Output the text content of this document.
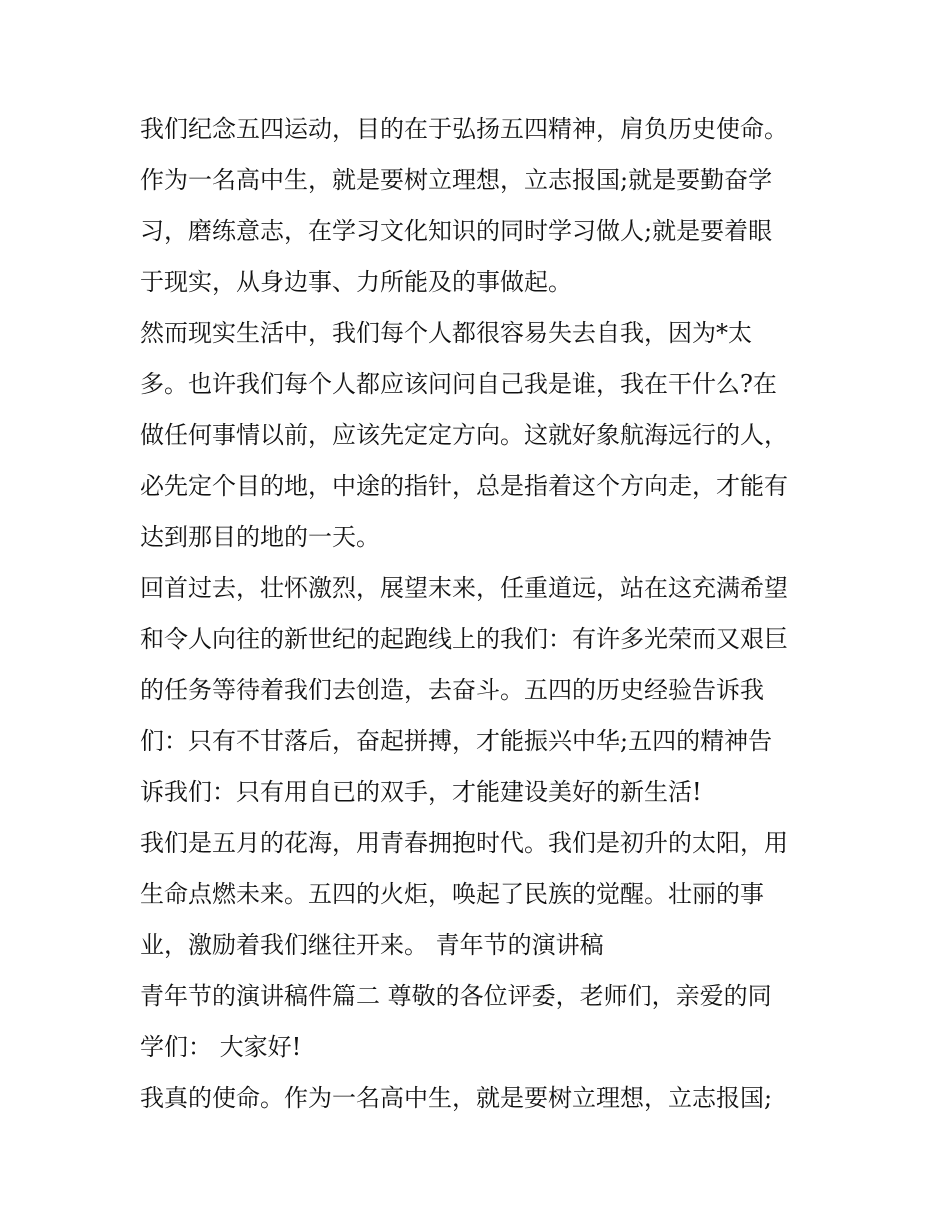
我们纪念五四运动，目的在于弘扬五四精神，肩负历史使命。
作为一名高中生，就是要树立理想，立志报国;就是要勤奋学
习，磨练意志，在学习文化知识的同时学习做人;就是要着眼
于现实，从身边事、力所能及的事做起。
然而现实生活中，我们每个人都很容易失去自我，因为*太
多。也许我们每个人都应该问问自己我是谁，我在干什么?在
做任何事情以前，应该先定定方向。这就好象航海远行的人，
必先定个目的地，中途的指针，总是指着这个方向走，才能有
达到那目的地的一天。
回首过去，壮怀激烈，展望末来，任重道远，站在这充满希望
和令人向往的新世纪的起跑线上的我们：有许多光荣而又艰巨
的任务等待着我们去创造，去奋斗。五四的历史经验告诉我
们：只有不甘落后，奋起拼搏，才能振兴中华;五四的精神告
诉我们：只有用自已的双手，才能建设美好的新生活!
我们是五月的花海，用青春拥抱时代。我们是初升的太阳，用
生命点燃未来。五四的火炬，唤起了民族的觉醒。壮丽的事
业，激励着我们继往开来。 青年节的演讲稿
青年节的演讲稿件篇二 尊敬的各位评委，老师们，亲爱的同
学们： 大家好!
我真的使命。作为一名高中生，就是要树立理想，立志报国;
